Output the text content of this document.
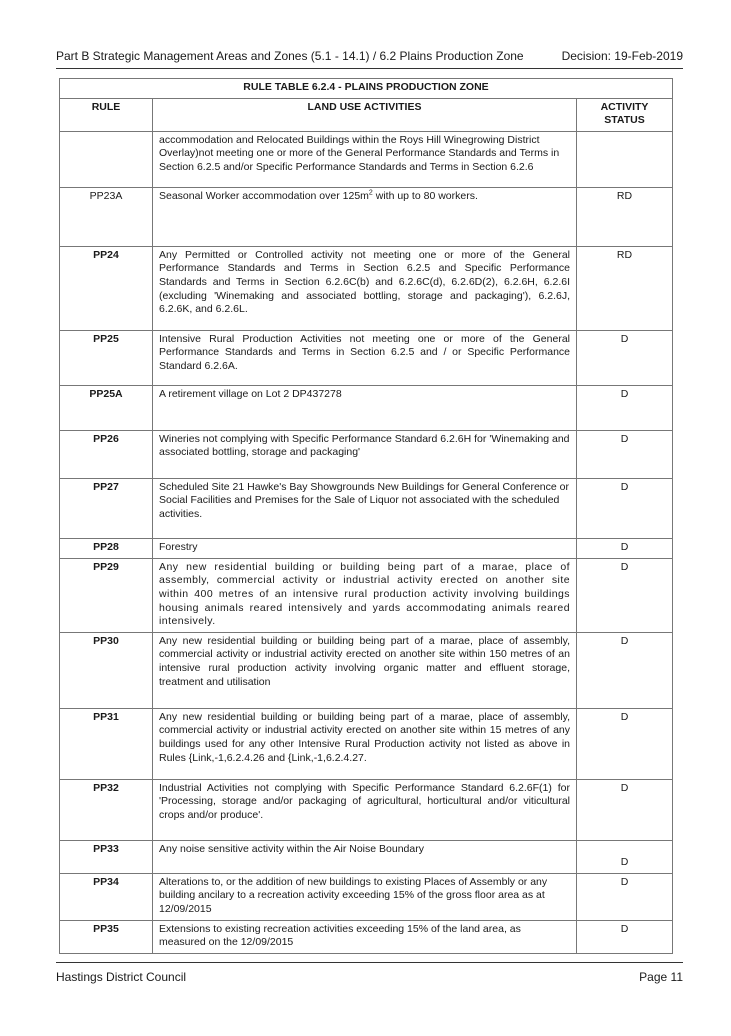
Part B Strategic Management Areas and Zones (5.1 - 14.1) / 6.2 Plains Production Zone	Decision: 19-Feb-2019
RULE TABLE 6.2.4 - PLAINS PRODUCTION ZONE		
RULE	LAND USE ACTIVITIES	ACTIVITY STATUS
	accommodation and Relocated Buildings within the Roys Hill Winegrowing District Overlay)not meeting one or more of the General Performance Standards and Terms in Section 6.2.5 and/or Specific Performance Standards and Terms in Section 6.2.6	
PP23A	Seasonal Worker accommodation over $125m^2$ with up to 80 workers.	RD
PP24	Any Permitted or Controlled activity not meeting one or more of the General Performance Standards and Terms in Section 6.2.5 and Specific Performance Standards and Terms in Section 6.2.6C(b) and 6.2.6C(d), 6.2.6D(2), 6.2.6H, 6.2.6I (excluding 'Winemaking and associated bottling, storage and packaging'), 6.2.6J, 6.2.6K, and 6.2.6L.	RD
PP25	Intensive Rural Production Activities not meeting one or more of the General Performance Standards and Terms in Section 6.2.5 and / or Specific Performance Standard 6.2.6A.	D
PP25A	A retirement village on Lot 2 DP437278	D
PP26	Wineries not complying with Specific Performance Standard 6.2.6H for 'Winemaking and associated bottling, storage and packaging'	D
PP27	Scheduled Site 21 Hawke's Bay Showgrounds New Buildings for General Conference or Social Facilities and Premises for the Sale of Liquor not associated with the scheduled activities.	D
PP28	Forestry	D
PP29	Any new residential building or building being part of a marae, place of assembly, commercial activity or industrial activity erected on another site within 400 metres of an intensive rural production activity involving buildings housing animals reared intensively and yards accommodating animals reared intensively.	D
PP30	Any new residential building or building being part of a marae, place of assembly, commercial activity or industrial activity erected on another site within 150 metres of an intensive rural production activity involving organic matter and effluent storage, treatment and utilisation	D
PP31	Any new residential building or building being part of a marae, place of assembly, commercial activity or industrial activity erected on another site within 15 metres of any buildings used for any other Intensive Rural Production activity not listed as above in Rules {Link,-1,6.2.4.26 and {Link,-1,6.2.4.27.	D
PP32	Industrial Activities not complying with Specific Performance Standard 6.2.6F(1) for 'Processing, storage and/or packaging of agricultural, horticultural and/or viticultural crops and/or produce'.	D
PP33	Any noise sensitive activity within the Air Noise Boundary	D
PP34	Alterations to, or the addition of new buildings to existing Places of Assembly or any building ancilary to a recreation activity exceeding 15% of the gross floor area as at 12/09/2015	D
PP35	Extensions to existing recreation activities exceeding 15% of the land area, as measured on the 12/09/2015	D
Hastings District Council	Page 11
